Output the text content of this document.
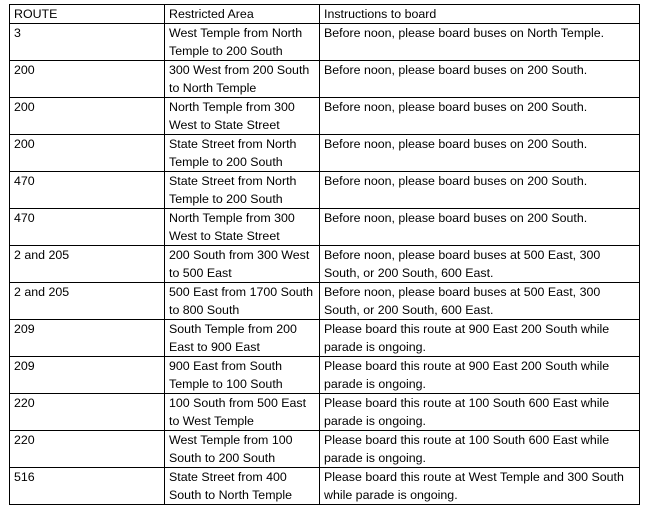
ROUTE	Restricted Area	Instructions to board
3	West Temple from North Temple to 200 South	Before noon, please board buses on North Temple.
200	300 West from 200 South to North Temple	Before noon, please board buses on 200 South.
200	North Temple from 300 West to State Street	Before noon, please board buses on 200 South.
200	State Street from North Temple to 200 South	Before noon, please board buses on 200 South.
470	State Street from North Temple to 200 South	Before noon, please board buses on 200 South.
470	North Temple from 300 West to State Street	Before noon, please board buses on 200 South.
2 and 205	200 South from 300 West to 500 East	Before noon, please board buses at 500 East, 300 South, or 200 South, 600 East.
2 and 205	500 East from 1700 South to 800 South	Before noon, please board buses at 500 East, 300 South, or 200 South, 600 East.
209	South Temple from 200 East to 900 East	Please board this route at 900 East 200 South while parade is ongoing.
209	900 East from South Temple to 100 South	Please board this route at 900 East 200 South while parade is ongoing.
220	100 South from 500 East to West Temple	Please board this route at 100 South 600 East while parade is ongoing.
220	West Temple from 100 South to 200 South	Please board this route at 100 South 600 East while parade is ongoing.
516	State Street from 400 South to North Temple	Please board this route at West Temple and 300 South while parade is ongoing.
